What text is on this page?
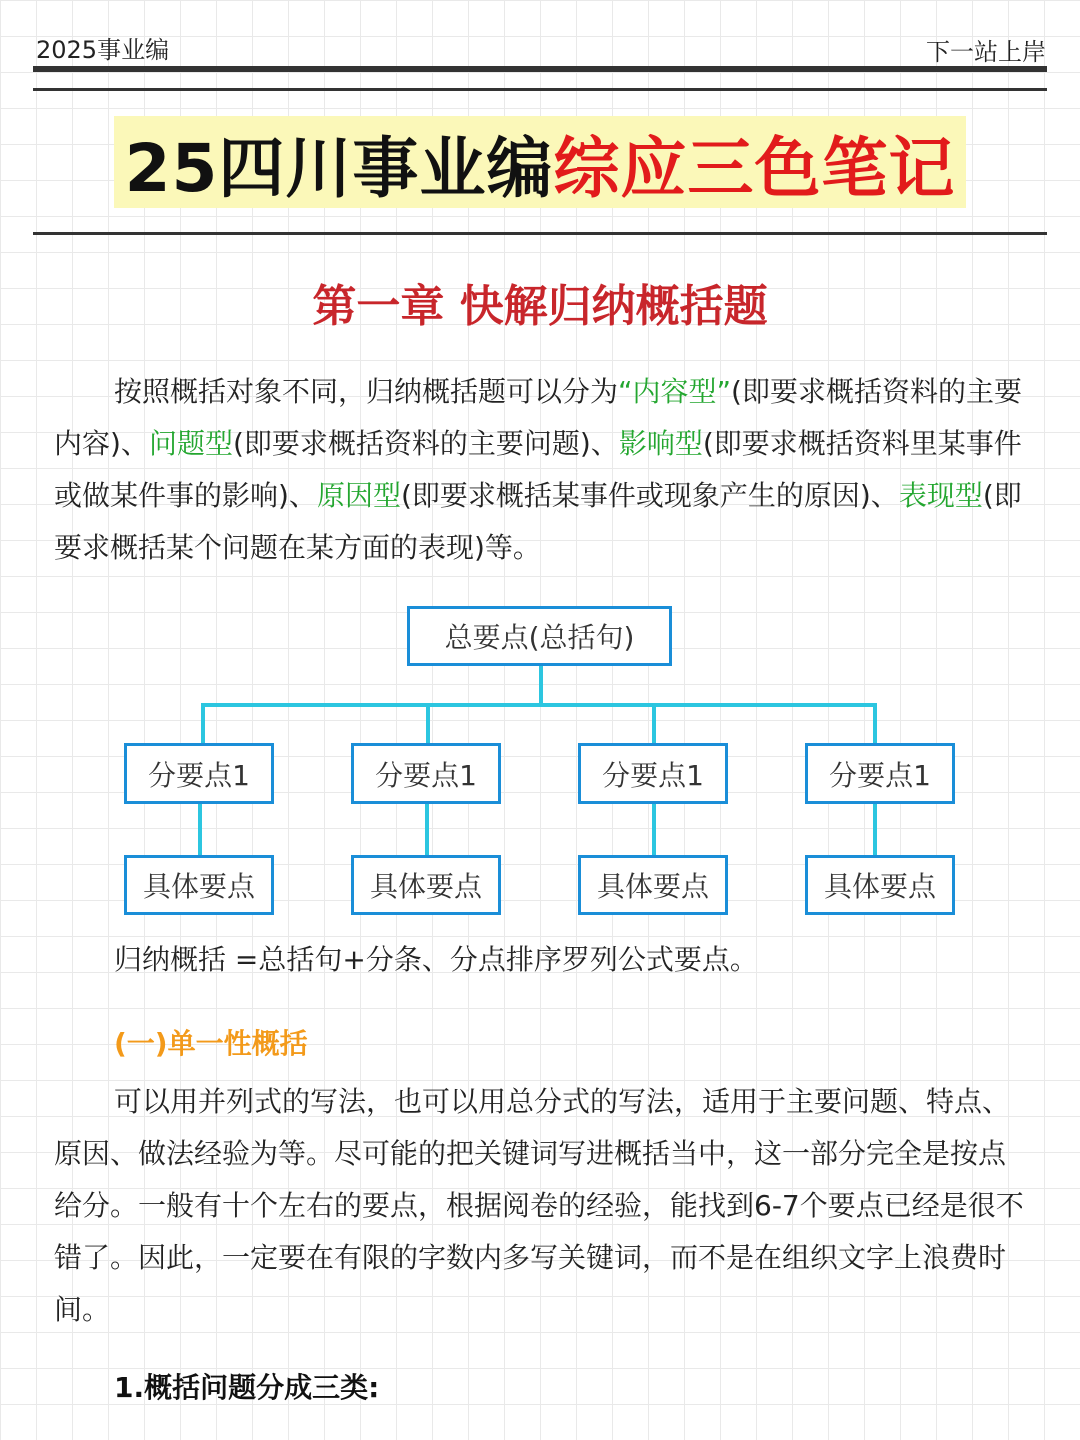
2025事业编	下一站上岸
25四川事业编 综应三色笔记
第一章 快解归纳概括题

按照概括对象不同，归纳概括题可以分为“内容型”(即要求概括资料的主要内容)、问题型(即要求概括资料的主要问题)、影响型(即要求概括资料里某事件或做某件事的影响)、原因型(即要求概括某事件或现象产生的原因)、表现型(即要求概括某个问题在某方面的表现)等。

总要点(总括句)
分要点1	分要点1	分要点1	分要点1
具体要点	具体要点	具体要点	具体要点
归纳概括 =总括句+分条、分点排序罗列公式要点。
(一)单一性概括

可以用并列式的写法，也可以用总分式的写法，适用于主要问题、特点、原因、做法经验为等。尽可能的把关键词写进概括当中，这一部分完全是按点给分。一般有十个左右的要点，根据阅卷的经验，能找到6-7个要点已经是很不错了。因此，一定要在有限的字数内多写关键词，而不是在组织文字上浪费时间。

1.概括问题分成三类:
